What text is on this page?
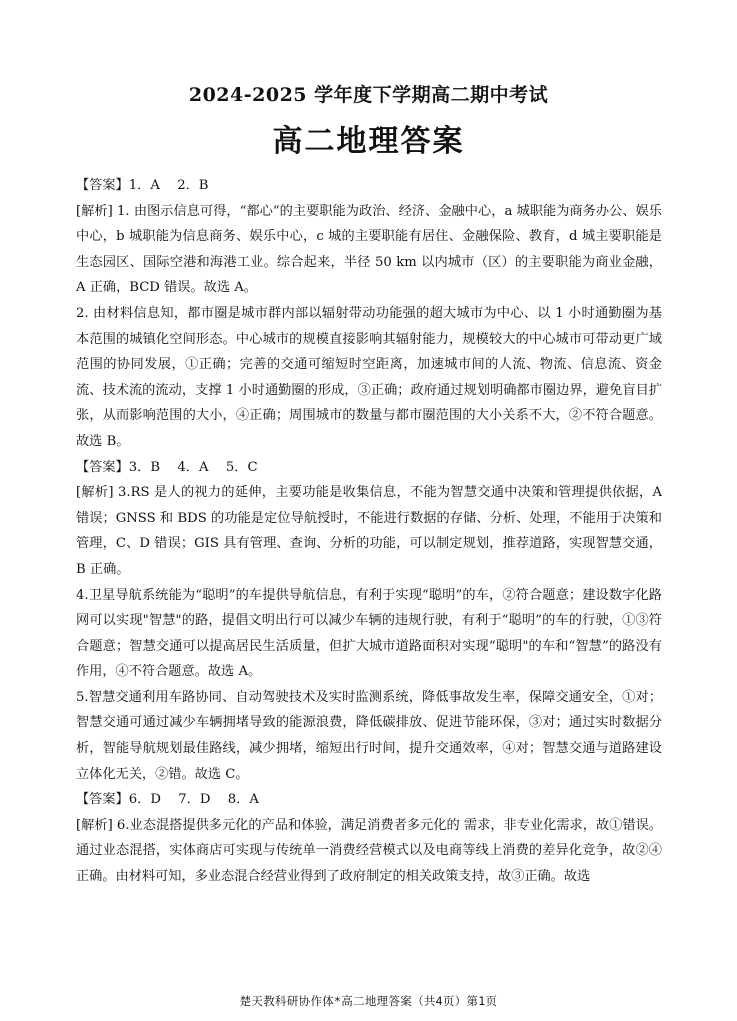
2024-2025 学年度下学期高二期中考试
高二地理答案

【答案】1．A　 2．B

[解析] 1. 由图示信息可得，“都心”的主要职能为政治、经济、金融中心，a 城职能为商务办公、娱乐中心，b 城职能为信息商务、娱乐中心，c 城的主要职能有居住、金融保险、教育，d 城主要职能是生态园区、国际空港和海港工业。综合起来，半径 50 km 以内城市（区）的主要职能为商业金融，A 正确，BCD 错误。故选 A。

2. 由材料信息知，都市圈是城市群内部以辐射带动功能强的超大城市为中心、以 1 小时通勤圈为基本范围的城镇化空间形态。中心城市的规模直接影响其辐射能力，规模较大的中心城市可带动更广域范围的协同发展，①正确；完善的交通可缩短时空距离，加速城市间的人流、物流、信息流、资金流、技术流的流动，支撑 1 小时通勤圈的形成，③正确；政府通过规划明确都市圈边界，避免盲目扩张，从而影响范围的大小，④正确；周围城市的数量与都市圈范围的大小关系不大，②不符合题意。故选 B。

【答案】3．B　 4．A　 5．C

[解析] 3.RS 是人的视力的延伸，主要功能是收集信息，不能为智慧交通中决策和管理提供依据，A 错误；GNSS 和 BDS 的功能是定位导航授时，不能进行数据的存储、分析、处理，不能用于决策和管理，C、D 错误；GIS 具有管理、查询、分析的功能，可以制定规划，推荐道路，实现智慧交通，B 正确。

4.卫星导航系统能为“聪明”的车提供导航信息，有利于实现“聪明”的车，②符合题意；建设数字化路网可以实现"智慧"的路，提倡文明出行可以减少车辆的违规行驶，有利于“聪明”的车的行驶，①③符合题意；智慧交通可以提高居民生活质量，但扩大城市道路面积对实现“聪明"的车和“智慧”的路没有作用，④不符合题意。故选 A。

5.智慧交通利用车路协同、自动驾驶技术及实时监测系统，降低事故发生率，保障交通安全，①对；智慧交通可通过减少车辆拥堵导致的能源浪费，降低碳排放、促进节能环保，③对；通过实时数据分析，智能导航规划最佳路线，减少拥堵，缩短出行时间，提升交通效率，④对；智慧交通与道路建设立体化无关，②错。故选 C。

【答案】6．D　 7．D　 8．A

[解析] 6.业态混搭提供多元化的产品和体验，满足消费者多元化的 需求，非专业化需求，故①错误。通过业态混搭，实体商店可实现与传统单一消费经营模式以及电商等线上消费的差异化竞争，故②④正确。由材料可知，多业态混合经营业得到了政府制定的相关政策支持，故③正确。故选

楚天教科研协作体*高二地理答案（共4页）第1页
